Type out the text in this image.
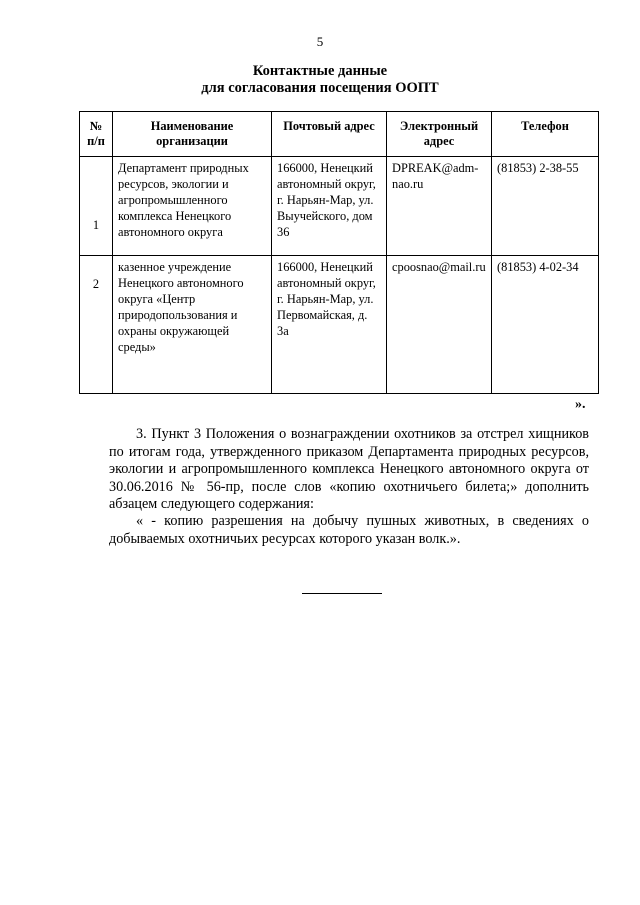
5
Контактные данные
для согласования посещения ООПТ
№ п/п	Наименование организации	Почтовый адрес	Электронный адрес	Телефон
1	Департамент природных ресурсов, экологии и агропромышленного комплекса Ненецкого автономного округа	166000, Ненецкий автономный округ, г. Нарьян-Мар, ул. Выучейского, дом 36	DPREAK@adm-nao.ru	(81853) 2-38-55
2	казенное учреждение Ненецкого автономного округа «Центр природопользования и охраны окружающей среды»	166000, Ненецкий автономный округ, г. Нарьян-Мар, ул. Первомайская, д. 3а	cpoosnao@mail.ru	(81853) 4-02-34
».
3. Пункт 3 Положения о вознаграждении охотников за отстрел хищников по итогам года, утвержденного приказом Департамента природных ресурсов, экологии и агропромышленного комплекса Ненецкого автономного округа от 30.06.2016 № 56-пр, после слов «копию охотничьего билета;» дополнить абзацем следующего содержания:
« - копию разрешения на добычу пушных животных, в сведениях о добываемых охотничьих ресурсах которого указан волк.».
